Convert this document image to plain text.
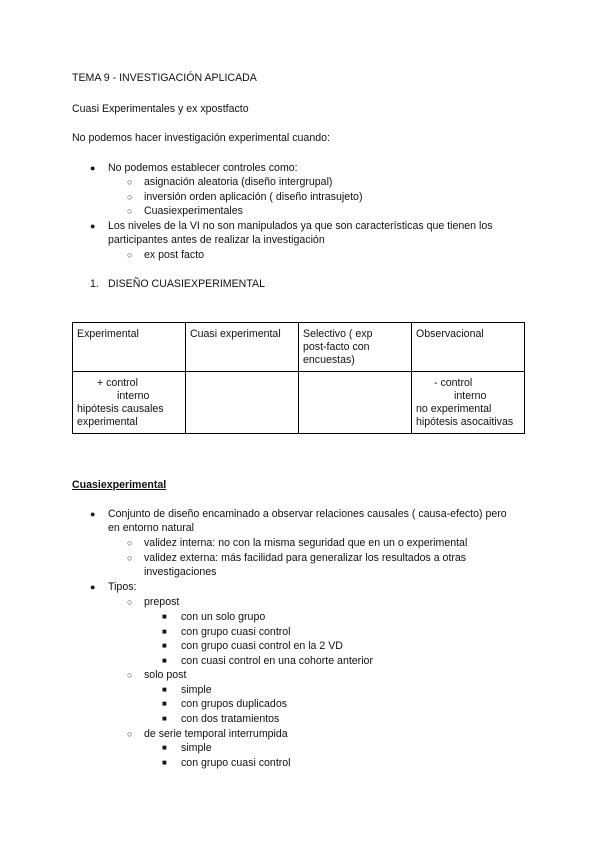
TEMA 9 - INVESTIGACIÓN APLICADA
Cuasi Experimentales y ex xpostfacto
No podemos hacer investigación experimental cuando:
● No podemos establecer controles como:
○ asignación aleatoria (diseño intergrupal)
○ inversión orden aplicación ( diseño intrasujeto)
○ Cuasiexperimentales
● Los niveles de la VI no son manipulados ya que son características que tienen los
participantes antes de realizar la investigación
○ ex post facto
1. DISEÑO CUASIEXPERIMENTAL
Experimental	Cuasi experimental	Selectivo ( exp
post-facto con
encuestas)	Observacional

+ control
interno
hipótesis causales
experimental			- control
interno
no experimental
hipótesis asocaitivas
Cuasiexperimental
● Conjunto de diseño encaminado a observar relaciones causales ( causa-efecto) pero
en entorno natural
○ validez interna: no con la misma seguridad que en un o experimental
○ validez externa: más facilidad para generalizar los resultados a otras
investigaciones
● Tipos:
○ prepost
■ con un solo grupo
■ con grupo cuasi control
■ con grupo cuasi control en la 2 VD
■ con cuasi control en una cohorte anterior
○ solo post
■ simple
■ con grupos duplicados
■ con dos tratamientos
○ de serie temporal interrumpida
■ simple
■ con grupo cuasi control
